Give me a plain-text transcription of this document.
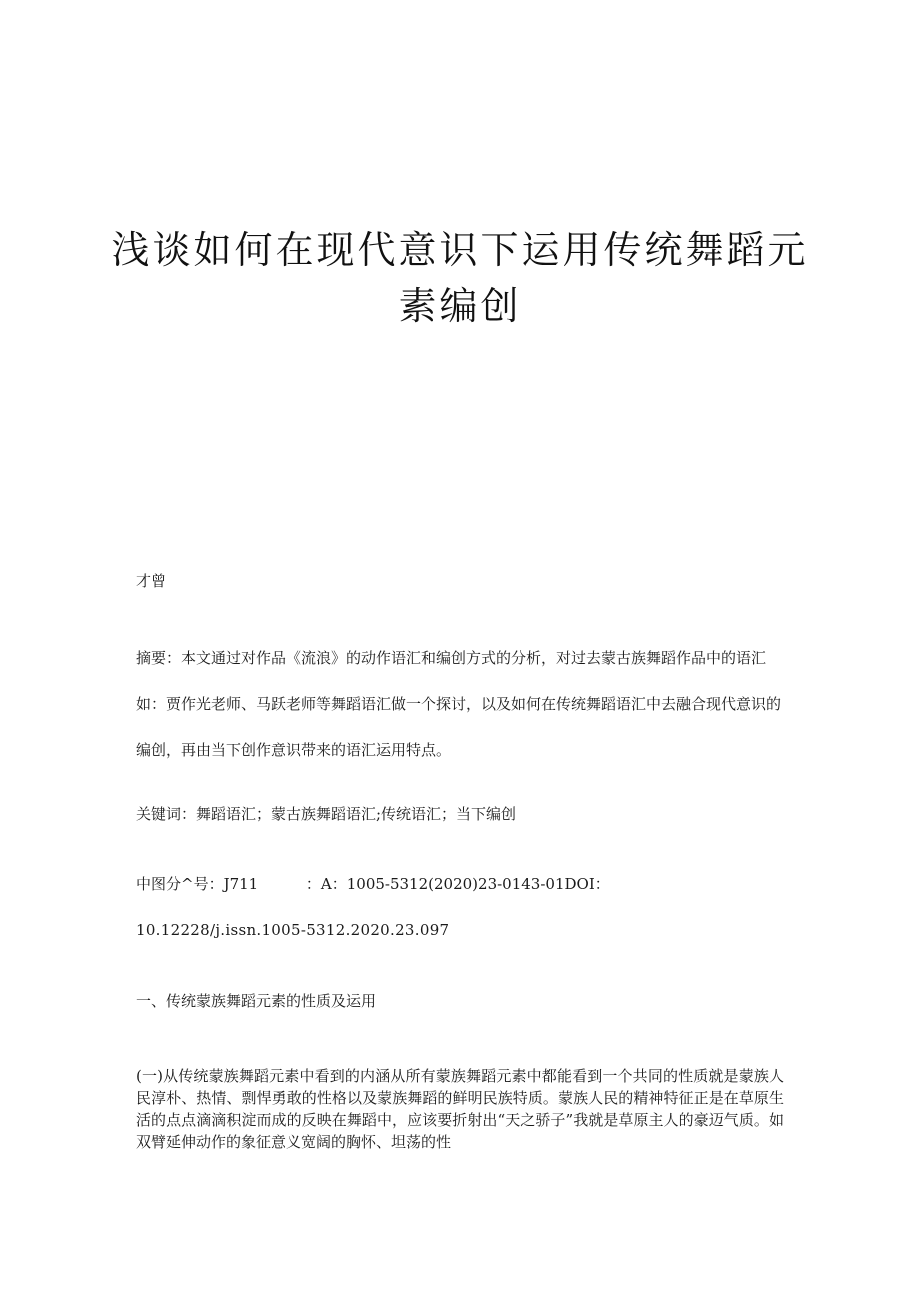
浅谈如何在现代意识下运用传统舞蹈元素编创
才曾

摘要：本文通过对作品《流浪》的动作语汇和编创方式的分析，对过去蒙古族舞蹈作品中的语汇如：贾作光老师、马跃老师等舞蹈语汇做一个探讨，以及如何在传统舞蹈语汇中去融合现代意识的编创，再由当下创作意识带来的语汇运用特点。

关键词：舞蹈语汇；蒙古族舞蹈语汇;传统语汇；当下编创
中图分^号：J711          ：A：1005-5312(2020)23-0143-01DOI：
10.12228/j.issn.1005-5312.2020.23.097
一、传统蒙族舞蹈元素的性质及运用

(一)从传统蒙族舞蹈元素中看到的内涵从所有蒙族舞蹈元素中都能看到一个共同的性质就是蒙族人民淳朴、热情、剽悍勇敢的性格以及蒙族舞蹈的鲜明民族特质。蒙族人民的精神特征正是在草原生活的点点滴滴积淀而成的反映在舞蹈中，应该要折射出“天之骄子”我就是草原主人的豪迈气质。如双臂延伸动作的象征意义宽阔的胸怀、坦荡的性
